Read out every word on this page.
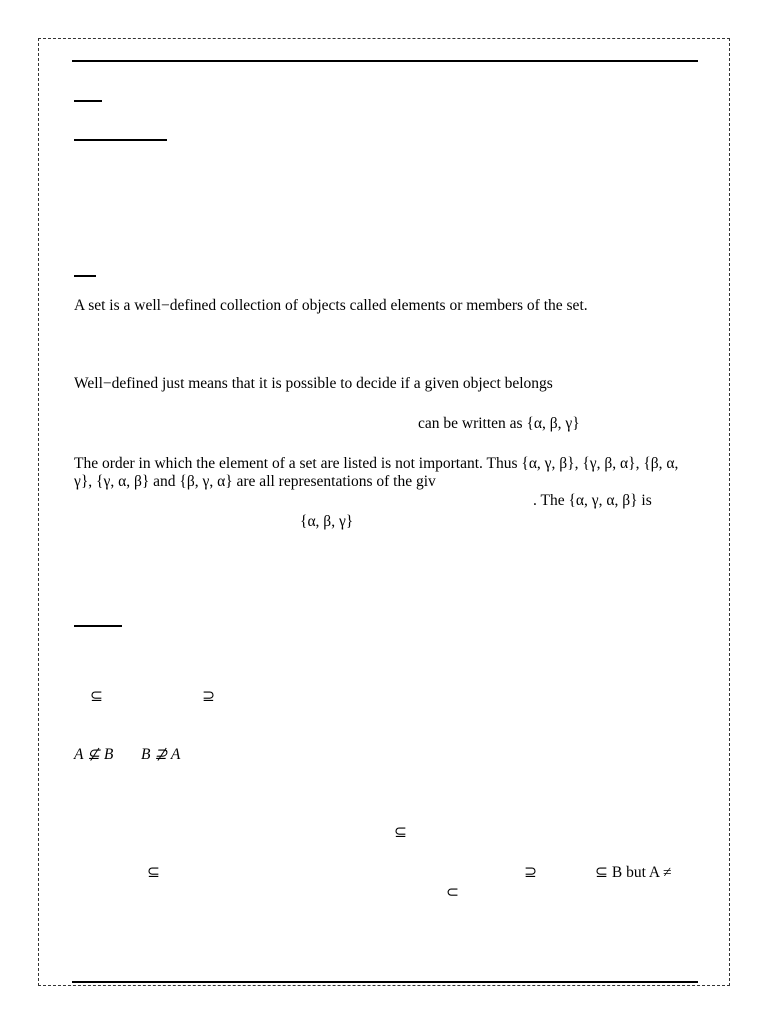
A set is a well−defined collection of objects called elements or members of the set.
Well−defined just means that it is possible to decide if a given object belongs
can be written as {α, β, γ}
The order in which the element of a set are listed is not important. Thus {α, γ, β}, {γ, β, α}, {β, α, γ}, {γ, α, β} and {β, γ, α} are all representations of the giv
. The {α, γ, α, β} is
{α, β, γ}
⊆	⊇
A ⊈ B B ⊉ A
⊆
⊆	⊇	⊆ B but A ≠
⊂
